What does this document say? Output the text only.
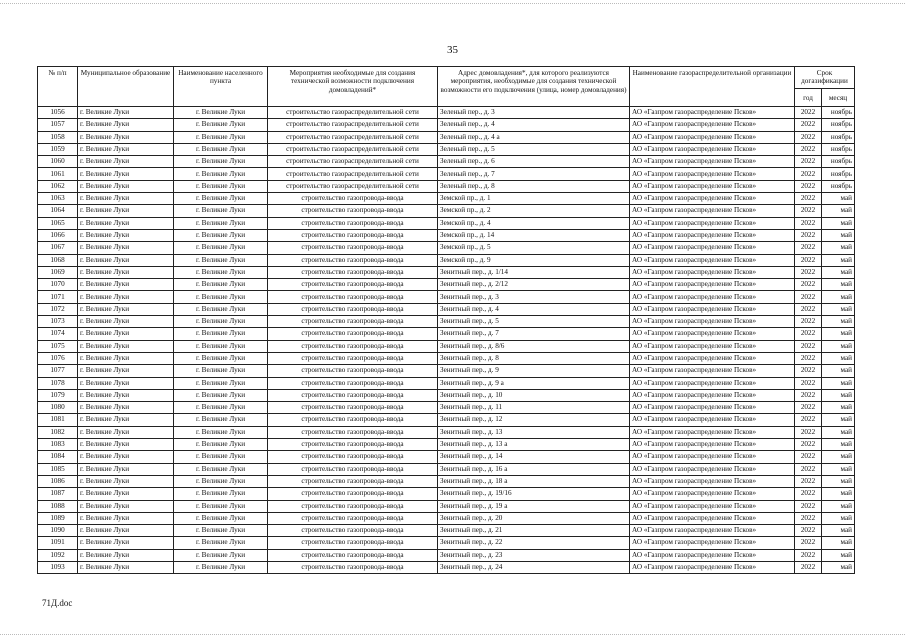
35
№ п/п	Муниципальное образование	Наименование населенного пункта	Мероприятия необходимые для создания технической возможности подключения домовладений*	Адрес домовладения*, для которого реализуются мероприятия, необходимые для создания технической возможности его подключения (улица, номер домовладения)	Наименование газораспределительной организации	Срок догазификации	
						год	месяц
1056	г. Великие Луки	г. Великие Луки	строительство газораспределительной сети	Зеленый пер., д. 3	АО «Газпром газораспределение Псков»	2022	ноябрь
1057	г. Великие Луки	г. Великие Луки	строительство газораспределительной сети	Зеленый пер., д. 4	АО «Газпром газораспределение Псков»	2022	ноябрь
1058	г. Великие Луки	г. Великие Луки	строительство газораспределительной сети	Зеленый пер., д. 4 а	АО «Газпром газораспределение Псков»	2022	ноябрь
1059	г. Великие Луки	г. Великие Луки	строительство газораспределительной сети	Зеленый пер., д. 5	АО «Газпром газораспределение Псков»	2022	ноябрь
1060	г. Великие Луки	г. Великие Луки	строительство газораспределительной сети	Зеленый пер., д. 6	АО «Газпром газораспределение Псков»	2022	ноябрь
1061	г. Великие Луки	г. Великие Луки	строительство газораспределительной сети	Зеленый пер., д. 7	АО «Газпром газораспределение Псков»	2022	ноябрь
1062	г. Великие Луки	г. Великие Луки	строительство газораспределительной сети	Зеленый пер., д. 8	АО «Газпром газораспределение Псков»	2022	ноябрь
1063	г. Великие Луки	г. Великие Луки	строительство газопровода-ввода	Земской пр., д. 1	АО «Газпром газораспределение Псков»	2022	май
1064	г. Великие Луки	г. Великие Луки	строительство газопровода-ввода	Земской пр., д. 2	АО «Газпром газораспределение Псков»	2022	май
1065	г. Великие Луки	г. Великие Луки	строительство газопровода-ввода	Земской пр., д. 4	АО «Газпром газораспределение Псков»	2022	май
1066	г. Великие Луки	г. Великие Луки	строительство газопровода-ввода	Земской пр., д. 14	АО «Газпром газораспределение Псков»	2022	май
1067	г. Великие Луки	г. Великие Луки	строительство газопровода-ввода	Земской пр., д. 5	АО «Газпром газораспределение Псков»	2022	май
1068	г. Великие Луки	г. Великие Луки	строительство газопровода-ввода	Земской пр., д. 9	АО «Газпром газораспределение Псков»	2022	май
1069	г. Великие Луки	г. Великие Луки	строительство газопровода-ввода	Зенитный пер., д. 1/14	АО «Газпром газораспределение Псков»	2022	май
1070	г. Великие Луки	г. Великие Луки	строительство газопровода-ввода	Зенитный пер., д. 2/12	АО «Газпром газораспределение Псков»	2022	май
1071	г. Великие Луки	г. Великие Луки	строительство газопровода-ввода	Зенитный пер., д. 3	АО «Газпром газораспределение Псков»	2022	май
1072	г. Великие Луки	г. Великие Луки	строительство газопровода-ввода	Зенитный пер., д. 4	АО «Газпром газораспределение Псков»	2022	май
1073	г. Великие Луки	г. Великие Луки	строительство газопровода-ввода	Зенитный пер., д. 5	АО «Газпром газораспределение Псков»	2022	май
1074	г. Великие Луки	г. Великие Луки	строительство газопровода-ввода	Зенитный пер., д. 7	АО «Газпром газораспределение Псков»	2022	май
1075	г. Великие Луки	г. Великие Луки	строительство газопровода-ввода	Зенитный пер., д. 8/6	АО «Газпром газораспределение Псков»	2022	май
1076	г. Великие Луки	г. Великие Луки	строительство газопровода-ввода	Зенитный пер., д. 8	АО «Газпром газораспределение Псков»	2022	май
1077	г. Великие Луки	г. Великие Луки	строительство газопровода-ввода	Зенитный пер., д. 9	АО «Газпром газораспределение Псков»	2022	май
1078	г. Великие Луки	г. Великие Луки	строительство газопровода-ввода	Зенитный пер., д. 9 а	АО «Газпром газораспределение Псков»	2022	май
1079	г. Великие Луки	г. Великие Луки	строительство газопровода-ввода	Зенитный пер., д. 10	АО «Газпром газораспределение Псков»	2022	май
1080	г. Великие Луки	г. Великие Луки	строительство газопровода-ввода	Зенитный пер., д. 11	АО «Газпром газораспределение Псков»	2022	май
1081	г. Великие Луки	г. Великие Луки	строительство газопровода-ввода	Зенитный пер., д. 12	АО «Газпром газораспределение Псков»	2022	май
1082	г. Великие Луки	г. Великие Луки	строительство газопровода-ввода	Зенитный пер., д. 13	АО «Газпром газораспределение Псков»	2022	май
1083	г. Великие Луки	г. Великие Луки	строительство газопровода-ввода	Зенитный пер., д. 13 а	АО «Газпром газораспределение Псков»	2022	май
1084	г. Великие Луки	г. Великие Луки	строительство газопровода-ввода	Зенитный пер., д. 14	АО «Газпром газораспределение Псков»	2022	май
1085	г. Великие Луки	г. Великие Луки	строительство газопровода-ввода	Зенитный пер., д. 16 а	АО «Газпром газораспределение Псков»	2022	май
1086	г. Великие Луки	г. Великие Луки	строительство газопровода-ввода	Зенитный пер., д. 18 а	АО «Газпром газораспределение Псков»	2022	май
1087	г. Великие Луки	г. Великие Луки	строительство газопровода-ввода	Зенитный пер., д. 19/16	АО «Газпром газораспределение Псков»	2022	май
1088	г. Великие Луки	г. Великие Луки	строительство газопровода-ввода	Зенитный пер., д. 19 а	АО «Газпром газораспределение Псков»	2022	май
1089	г. Великие Луки	г. Великие Луки	строительство газопровода-ввода	Зенитный пер., д. 20	АО «Газпром газораспределение Псков»	2022	май
1090	г. Великие Луки	г. Великие Луки	строительство газопровода-ввода	Зенитный пер., д. 21	АО «Газпром газораспределение Псков»	2022	май
1091	г. Великие Луки	г. Великие Луки	строительство газопровода-ввода	Зенитный пер., д. 22	АО «Газпром газораспределение Псков»	2022	май
1092	г. Великие Луки	г. Великие Луки	строительство газопровода-ввода	Зенитный пер., д. 23	АО «Газпром газораспределение Псков»	2022	май
1093	г. Великие Луки	г. Великие Луки	строительство газопровода-ввода	Зенитный пер., д. 24	АО «Газпром газораспределение Псков»	2022	май
71Д.doc
